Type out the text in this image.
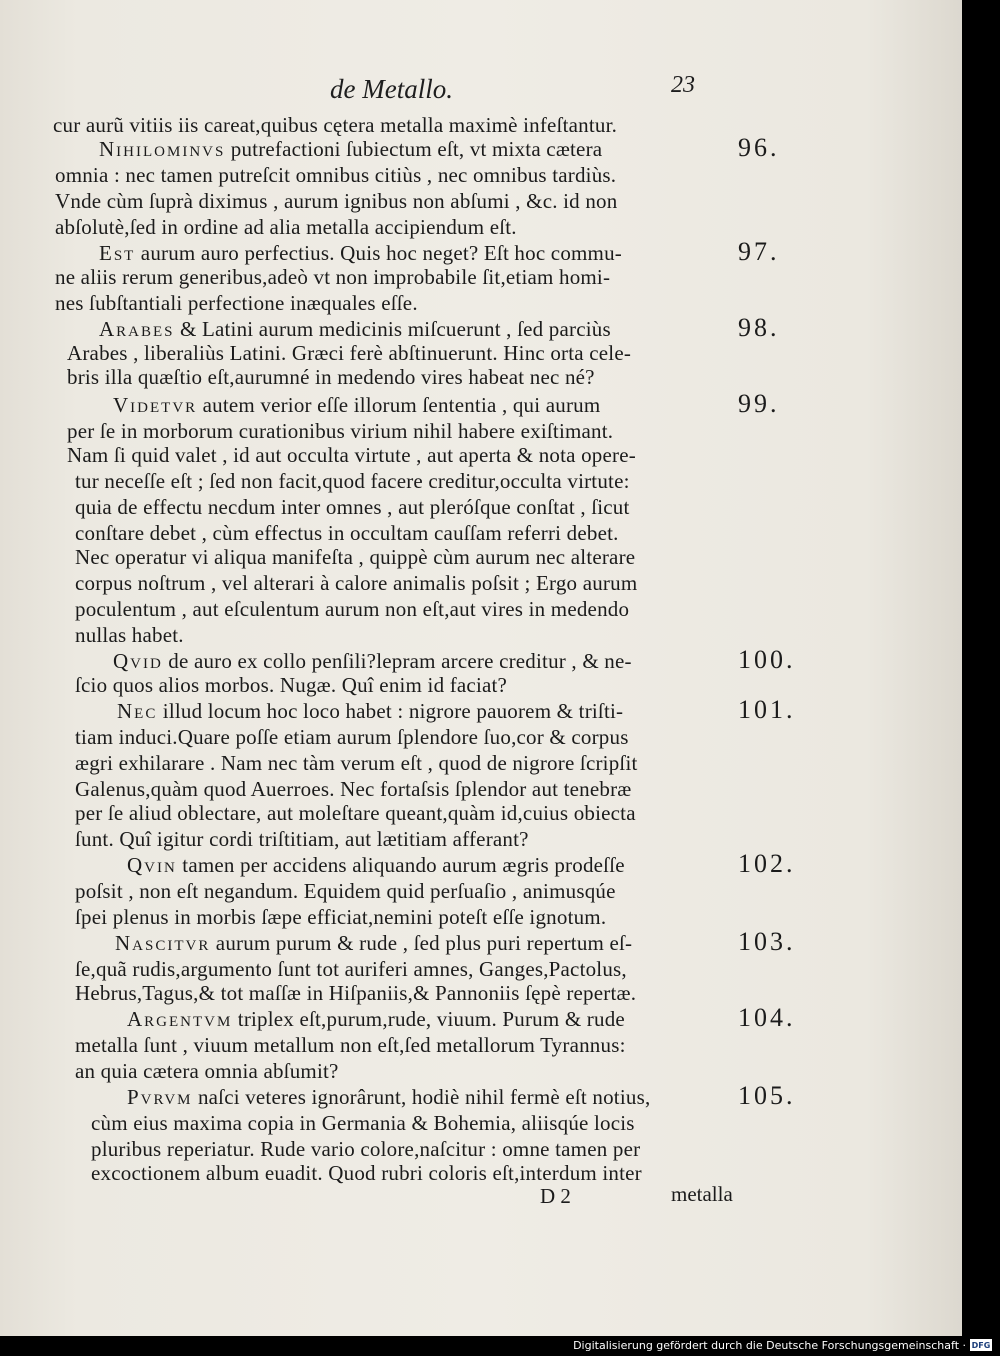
de Metallo.	23
cur aurũ vitiis iis careat,quibus cętera metalla maximè infeſtantur.
Nihilominvs putrefactioni ſubiectum eſt, vt mixta cætera
omnia : nec tamen putreſcit omnibus citiùs , nec omnibus tardiùs.
Vnde cùm ſuprà diximus , aurum ignibus non abſumi , &c. id non
abſolutè,ſed in ordine ad alia metalla accipiendum eſt.
Est aurum auro perfectius. Quis hoc neget? Eſt hoc commu-
ne aliis rerum generibus,adeò vt non improbabile ſit,etiam homi-
nes ſubſtantiali perfectione inæquales eſſe.
Arabes & Latini aurum medicinis miſcuerunt , ſed parciùs
Arabes , liberaliùs Latini. Græci ferè abſtinuerunt. Hinc orta cele-
bris illa quæſtio eſt,aurumné in medendo vires habeat nec né?
Videtvr autem verior eſſe illorum ſententia , qui aurum
per ſe in morborum curationibus virium nihil habere exiſtimant.
Nam ſi quid valet , id aut occulta virtute , aut aperta & nota opere-
tur neceſſe eſt ; ſed non facit,quod facere creditur,occulta virtute:
quia de effectu necdum inter omnes , aut pleróſque conſtat , ſicut
conſtare debet , cùm effectus in occultam cauſſam referri debet.
Nec operatur vi aliqua manifeſta , quippè cùm aurum nec alterare
corpus noſtrum , vel alterari à calore animalis poſsit ; Ergo aurum
poculentum , aut eſculentum aurum non eſt,aut vires in medendo
nullas habet.
Qvid de auro ex collo penſili?lepram arcere creditur , & ne-
ſcio quos alios morbos. Nugæ. Quî enim id faciat?
Nec illud locum hoc loco habet : nigrore pauorem & triſti-
tiam induci.Quare poſſe etiam aurum ſplendore ſuo,cor & corpus
ægri exhilarare . Nam nec tàm verum eſt , quod de nigrore ſcripſit
Galenus,quàm quod Auerroes. Nec fortaſsis ſplendor aut tenebræ
per ſe aliud oblectare, aut moleſtare queant,quàm id,cuius obiecta
ſunt. Quî igitur cordi triſtitiam, aut lætitiam afferant?
Qvin tamen per accidens aliquando aurum ægris prodeſſe
poſsit , non eſt negandum. Equidem quid perſuaſio , animusqúe
ſpei plenus in morbis ſæpe efficiat,nemini poteſt eſſe ignotum.
Nascitvr aurum purum & rude , ſed plus puri repertum eſ-
ſe,quã rudis,argumento ſunt tot auriferi amnes, Ganges,Pactolus,
Hebrus,Tagus,& tot maſſæ in Hiſpaniis,& Pannoniis ſępè repertæ.
Argentvm triplex eſt,purum,rude, viuum. Purum & rude
metalla ſunt , viuum metallum non eſt,ſed metallorum Tyrannus:
an quia cætera omnia abſumit?
Pvrvm naſci veteres ignorârunt, hodiè nihil fermè eſt notius,
cùm eius maxima copia in Germania & Bohemia, aliisqúe locis
pluribus reperiatur. Rude vario colore,naſcitur : omne tamen per
excoctionem album euadit. Quod rubri coloris eſt,interdum inter
96.
97.
98.
99.
100.
101.
102.
103.
104.
105.
D 2	metalla
Digitalisierung gefördert durch die Deutsche Forschungsgemeinschaft · DFG
